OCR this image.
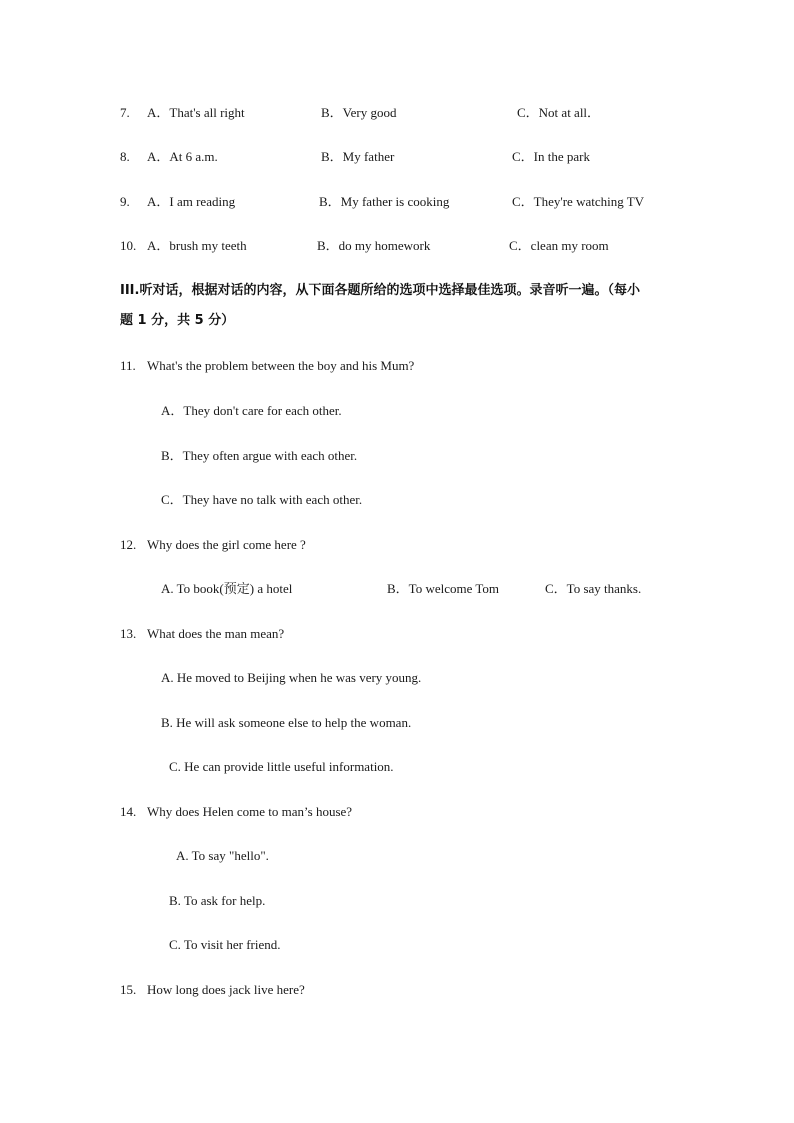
7. A．That's all right	B．Very good	C．Not at all．
8. A．At 6 a.m.	B．My father	C．In the park
9. A．I am reading	B．My father is cooking	C．They're watching TV
10. A．brush my teeth	B．do my homework	C．clean my room
III.听对话，根据对话的内容，从下面各题所给的选项中选择最佳选项。录音听一遍。（每小
题 1 分，共 5 分）
11. What's the problem between the boy and his Mum?
A．They don't care for each other.
B．They often argue with each other.
C．They have no talk with each other.
12. Why does the girl come here ?
A. To book(预定) a hotel	B．To welcome Tom	C．To say thanks.
13. What does the man mean?
A. He moved to Beijing when he was very young.
B. He will ask someone else to help the woman.
C. He can provide little useful information.
14. Why does Helen come to man’s house?
A. To say "hello".
B. To ask for help.
C. To visit her friend.
15. How long does jack live here?
